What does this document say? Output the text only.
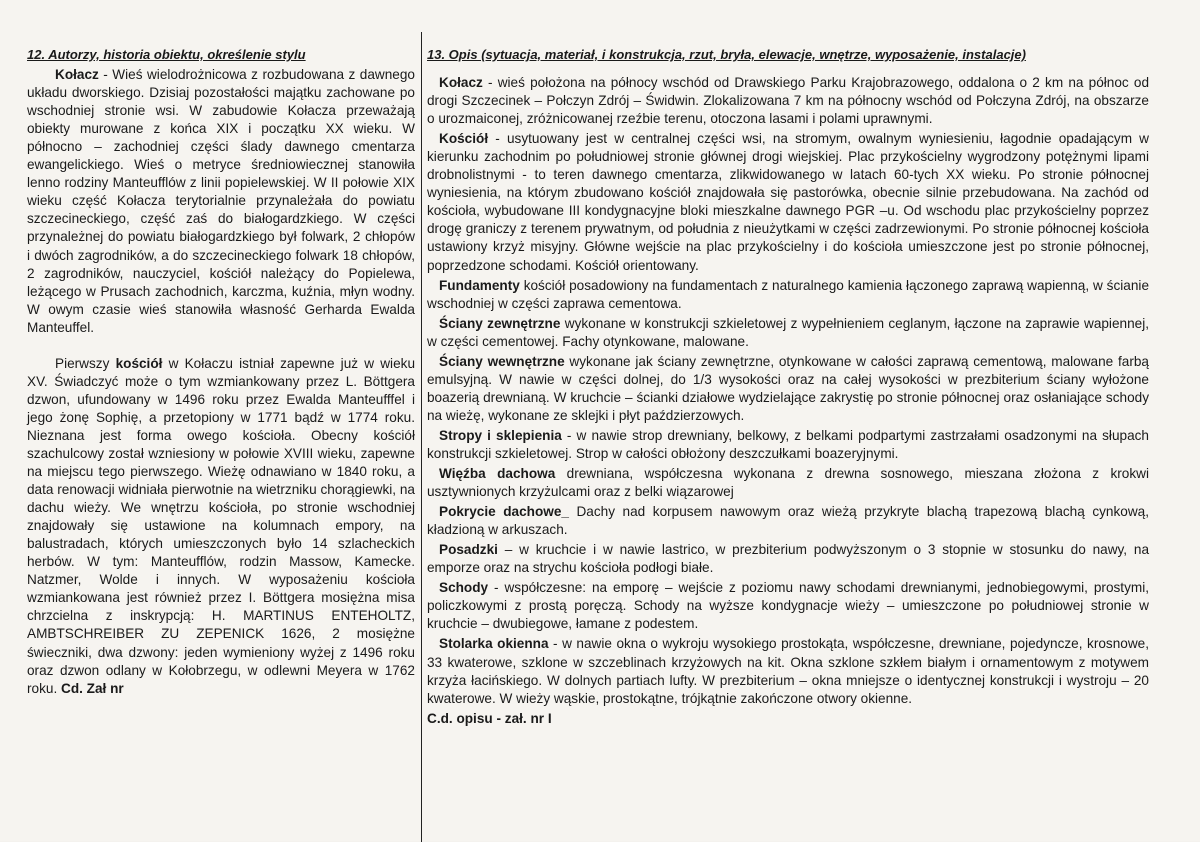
12. Autorzy, historia obiektu, określenie stylu

Kołacz - Wieś wielodrożnicowa z rozbudowana z dawnego układu dworskiego. Dzisiaj pozostałości majątku zachowane po wschodniej stronie wsi. W zabudowie Kołacza przeważają obiekty murowane z końca XIX i początku XX wieku. W północno – zachodniej części ślady dawnego cmentarza ewangelickiego. Wieś o metryce średniowiecznej stanowiła lenno rodziny Manteufflów z linii popielewskiej. W II połowie XIX wieku część Kołacza terytorialnie przynależała do powiatu szczecineckiego, część zaś do białogardzkiego. W części przynależnej do powiatu białogardzkiego był folwark, 2 chłopów i dwóch zagrodników, a do szczecineckiego folwark 18 chłopów, 2 zagrodników, nauczyciel, kościół należący do Popielewa, leżącego w Prusach zachodnich, karczma, kuźnia, młyn wodny. W owym czasie wieś stanowiła własność Gerharda Ewalda Manteuffel.

Pierwszy kościół w Kołaczu istniał zapewne już w wieku XV. Świadczyć może o tym wzmiankowany przez L. Böttgera dzwon, ufundowany w 1496 roku przez Ewalda Manteufffel i jego żonę Sophię, a przetopiony w 1771 bądź w 1774 roku. Nieznana jest forma owego kościoła. Obecny kościół szachulcowy został wzniesiony w połowie XVIII wieku, zapewne na miejscu tego pierwszego. Wieżę odnawiano w 1840 roku, a data renowacji widniała pierwotnie na wietrzniku chorągiewki, na dachu wieży. We wnętrzu kościoła, po stronie wschodniej znajdowały się ustawione na kolumnach empory, na balustradach, których umieszczonych było 14 szlacheckich herbów. W tym: Manteufflów, rodzin Massow, Kamecke. Natzmer, Wolde i innych. W wyposażeniu kościoła wzmiankowana jest również przez I. Böttgera mosiężna misa chrzcielna z inskrypcją: H. MARTINUS ENTEHOLTZ, AMBTSCHREIBER ZU ZEPENICK 1626, 2 mosiężne świeczniki, dwa dzwony: jeden wymieniony wyżej z 1496 roku oraz dzwon odlany w Kołobrzegu, w odlewni Meyera w 1762 roku. Cd. Zał nr

13. Opis (sytuacja, materiał, i konstrukcja, rzut, bryła, elewacje, wnętrze, wyposażenie, instalacje)

Kołacz - wieś położona na północy wschód od Drawskiego Parku Krajobrazowego, oddalona o 2 km na północ od drogi Szczecinek – Połczyn Zdrój – Świdwin. Zlokalizowana 7 km na północny wschód od Połczyna Zdrój, na obszarze o urozmaiconej, zróżnicowanej rzeźbie terenu, otoczona lasami i polami uprawnymi.

Kościół - usytuowany jest w centralnej części wsi, na stromym, owalnym wyniesieniu, łagodnie opadającym w kierunku zachodnim po południowej stronie głównej drogi wiejskiej. Plac przykościelny wygrodzony potężnymi lipami drobnolistnymi - to teren dawnego cmentarza, zlikwidowanego w latach 60-tych XX wieku. Po stronie północnej wyniesienia, na którym zbudowano kościół znajdowała się pastorówka, obecnie silnie przebudowana. Na zachód od kościoła, wybudowane III kondygnacyjne bloki mieszkalne dawnego PGR –u. Od wschodu plac przykościelny poprzez drogę graniczy z terenem prywatnym, od południa z nieużytkami w części zadrzewionymi. Po stronie północnej kościoła ustawiony krzyż misyjny. Główne wejście na plac przykościelny i do kościoła umieszczone jest po stronie północnej, poprzedzone schodami. Kościół orientowany.

Fundamenty kościół posadowiony na fundamentach z naturalnego kamienia łączonego zaprawą wapienną, w ścianie wschodniej w części zaprawa cementowa.

Ściany zewnętrzne wykonane w konstrukcji szkieletowej z wypełnieniem ceglanym, łączone na zaprawie wapiennej, w części cementowej. Fachy otynkowane, malowane.

Ściany wewnętrzne wykonane jak ściany zewnętrzne, otynkowane w całości zaprawą cementową, malowane farbą emulsyjną. W nawie w części dolnej, do 1/3 wysokości oraz na całej wysokości w prezbiterium ściany wyłożone boazerią drewnianą. W kruchcie – ścianki działowe wydzielające zakrystię po stronie północnej oraz osłaniające schody na wieżę, wykonane ze sklejki i płyt paździerzowych.

Stropy i sklepienia - w nawie strop drewniany, belkowy, z belkami podpartymi zastrzałami osadzonymi na słupach konstrukcji szkieletowej. Strop w całości obłożony deszczułkami boazeryjnymi.

Więźba dachowa drewniana, współczesna wykonana z drewna sosnowego, mieszana złożona z krokwi usztywnionych krzyżulcami oraz z belki wiązarowej

Pokrycie dachowe_ Dachy nad korpusem nawowym oraz wieżą przykryte blachą trapezową blachą cynkową, kładzioną w arkuszach.

Posadzki – w kruchcie i w nawie lastrico, w prezbiterium podwyższonym o 3 stopnie w stosunku do nawy, na emporze oraz na strychu kościoła podłogi białe.

Schody - współczesne: na emporę – wejście z poziomu nawy schodami drewnianymi, jednobiegowymi, prostymi, policzkowymi z prostą poręczą. Schody na wyższe kondygnacje wieży – umieszczone po południowej stronie w kruchcie – dwubiegowe, łamane z podestem.

Stolarka okienna - w nawie okna o wykroju wysokiego prostokąta, współczesne, drewniane, pojedyncze, krosnowe, 33 kwaterowe, szklone w szczeblinach krzyżowych na kit. Okna szklone szkłem białym i ornamentowym z motywem krzyża łacińskiego. W dolnych partiach lufty. W prezbiterium – okna mniejsze o identycznej konstrukcji i wystroju – 20 kwaterowe. W wieży wąskie, prostokątne, trójkątnie zakończone otwory okienne.

C.d. opisu - zał. nr I
